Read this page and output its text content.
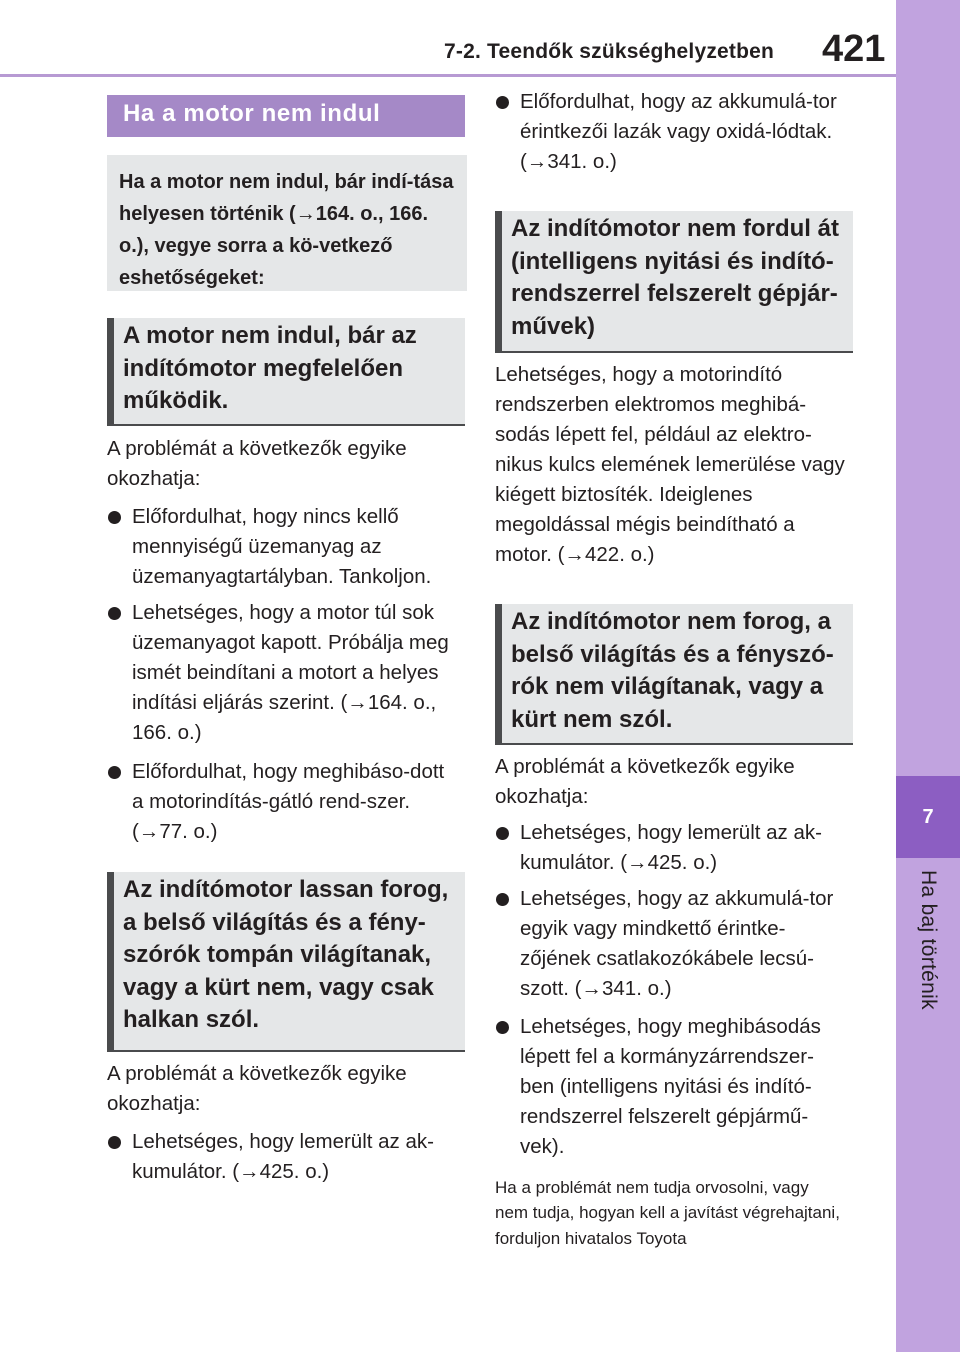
7-2. Teendők szükséghelyzetben 421
7
Ha baj történik
Ha a motor nem indul
Ha a motor nem indul, bár indí-tása helyesen történik (→164. o., 166. o.), vegye sorra a kö-vetkező eshetőségeket:
A motor nem indul, bár az indítómotor megfelelően működik.

A problémát a következők egyike okozhatja:

Előfordulhat, hogy nincs kellő mennyiségű üzemanyag az üzemanyagtartályban. Tankoljon.
Lehetséges, hogy a motor túl sok üzemanyagot kapott. Próbálja meg ismét beindítani a motort a helyes indítási eljárás szerint. (→164. o., 166. o.)
Előfordulhat, hogy meghibáso-dott a motorindítás-gátló rend-szer. (→77. o.)
Az indítómotor lassan forog, a belső világítás és a fény-szórók tompán világítanak, vagy a kürt nem, vagy csak halkan szól.

A problémát a következők egyike okozhatja:

Lehetséges, hogy lemerült az ak-kumulátor. (→425. o.)
Előfordulhat, hogy az akkumulá-tor érintkezői lazák vagy oxidá-lódtak. (→341. o.)
Az indítómotor nem fordul át (intelligens nyitási és indító-rendszerrel felszerelt gépjár-művek)

Lehetséges, hogy a motorindító rendszerben elektromos meghibá-sodás lépett fel, például az elektro-nikus kulcs elemének lemerülése vagy kiégett biztosíték. Ideiglenes megoldással mégis beindítható a motor. (→422. o.)

Az indítómotor nem forog, a belső világítás és a fényszó-rók nem világítanak, vagy a kürt nem szól.

A problémát a következők egyike okozhatja:

Lehetséges, hogy lemerült az ak-kumulátor. (→425. o.)
Lehetséges, hogy az akkumulá-tor egyik vagy mindkettő érintke-zőjének csatlakozókábele lecsú-szott. (→341. o.)
Lehetséges, hogy meghibásodás lépett fel a kormányzárrendszer-ben (intelligens nyitási és indító-rendszerrel felszerelt gépjármű-vek).

Ha a problémát nem tudja orvosolni, vagy nem tudja, hogyan kell a javítást végrehajtani, forduljon hivatalos Toyota
